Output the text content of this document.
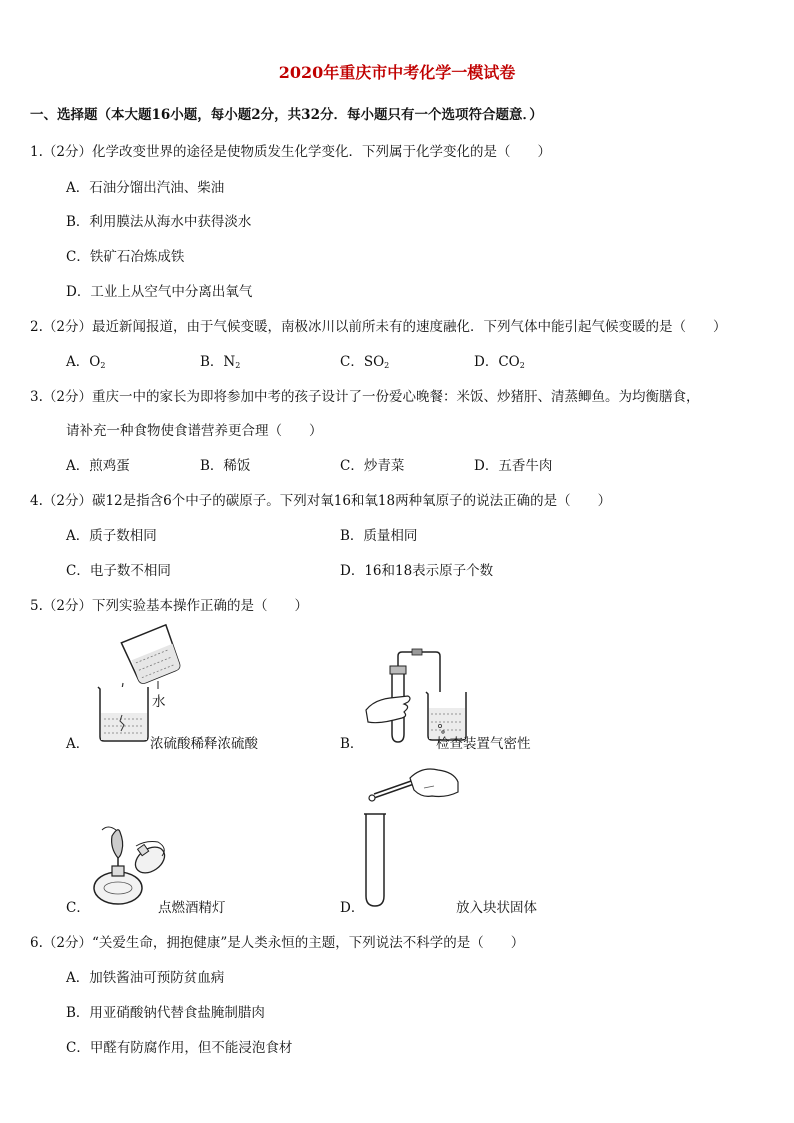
2020年重庆市中考化学一模试卷
一、选择题（本大题16小题，每小题2分，共32分．每小题只有一个选项符合题意．）
1.（2分）化学改变世界的途径是使物质发生化学变化．下列属于化学变化的是（　　）
A．石油分馏出汽油、柴油
B．利用膜法从海水中获得淡水
C．铁矿石冶炼成铁
D．工业上从空气中分离出氧气
2.（2分）最近新闻报道，由于气候变暖，南极冰川以前所未有的速度融化．下列气体中能引起气候变暖的是（　　）
A．$O_2$	B．$N_2$	C．$SO_2$	D．$CO_2$
3.（2分）重庆一中的家长为即将参加中考的孩子设计了一份爱心晚餐：米饭、炒猪肝、清蒸鲫鱼。为均衡膳食，
请补充一种食物使食谱营养更合理（　　）
A．煎鸡蛋	B．稀饭	C．炒青菜	D．五香牛肉
4.（2分）碳12是指含6个中子的碳原子。下列对氧16和氧18两种氧原子的说法正确的是（　　）
A．质子数相同	B．质量相同
C．电子数不相同	D．16和18表示原子个数
5.（2分）下列实验基本操作正确的是（　　）
水
A．	浓硫酸稀释浓硫酸	B．	检查装置气密性
C．	点燃酒精灯	D．	放入块状固体
6.（2分）“关爱生命，拥抱健康”是人类永恒的主题，下列说法不科学的是（　　）
A．加铁酱油可预防贫血病
B．用亚硝酸钠代替食盐腌制腊肉
C．甲醛有防腐作用，但不能浸泡食材
